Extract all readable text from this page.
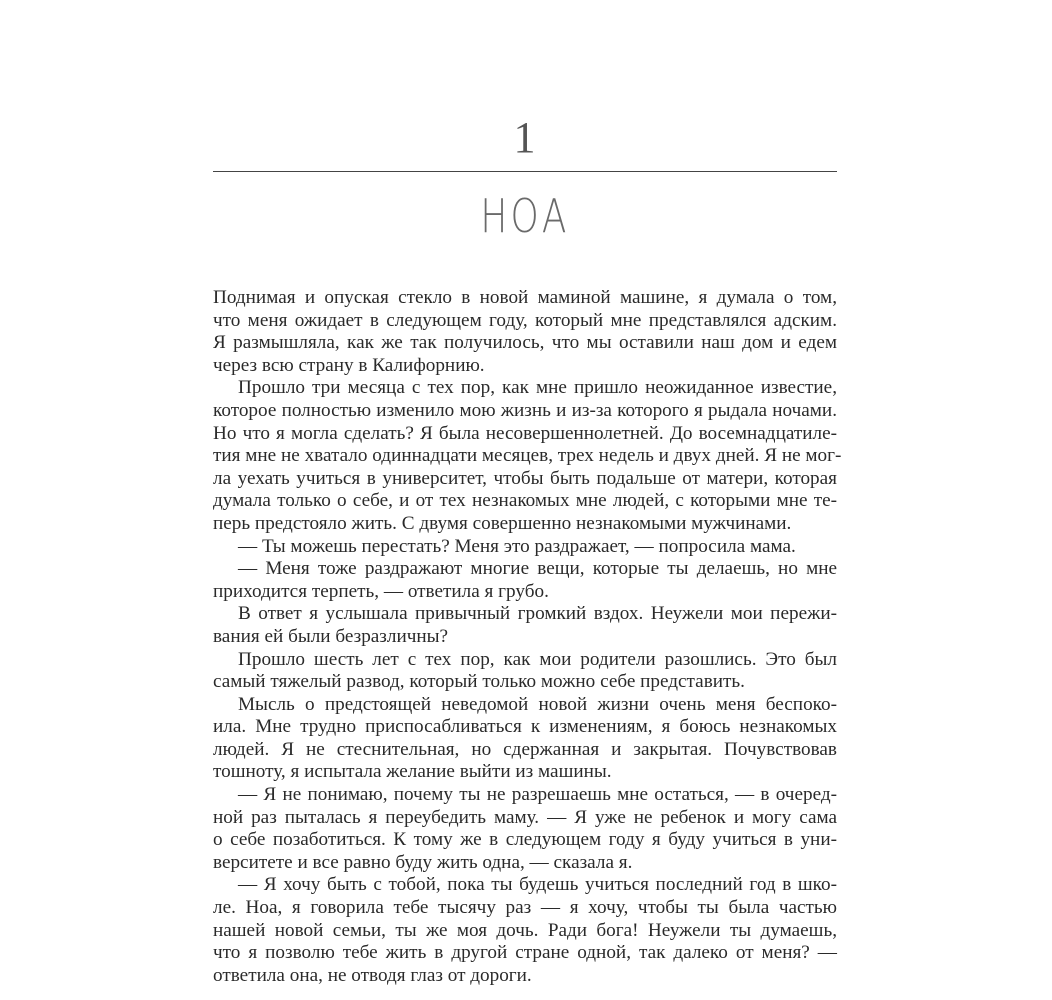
1
НОА
Поднимая и опуская стекло в новой маминой машине, я думала о том,
что меня ожидает в следующем году, который мне представлялся адским.
Я размышляла, как же так получилось, что мы оставили наш дом и едем
через всю страну в Калифорнию.
Прошло три месяца с тех пор, как мне пришло неожиданное известие,
которое полностью изменило мою жизнь и из-за которого я рыдала ночами.
Но что я могла сделать? Я была несовершеннолетней. До восемнадцатиле-
тия мне не хватало одиннадцати месяцев, трех недель и двух дней. Я не мог-
ла уехать учиться в университет, чтобы быть подальше от матери, которая
думала только о себе, и от тех незнакомых мне людей, с которыми мне те-
перь предстояло жить. С двумя совершенно незнакомыми мужчинами.
— Ты можешь перестать? Меня это раздражает, — попросила мама.
— Меня тоже раздражают многие вещи, которые ты делаешь, но мне
приходится терпеть, — ответила я грубо.
В ответ я услышала привычный громкий вздох. Неужели мои пережи-
вания ей были безразличны?
Прошло шесть лет с тех пор, как мои родители разошлись. Это был
самый тяжелый развод, который только можно себе представить.
Мысль о предстоящей неведомой новой жизни очень меня беспоко-
ила. Мне трудно приспосабливаться к изменениям, я боюсь незнакомых
людей. Я не стеснительная, но сдержанная и закрытая. Почувствовав
тошноту, я испытала желание выйти из машины.
— Я не понимаю, почему ты не разрешаешь мне остаться, — в очеред-
ной раз пыталась я переубедить маму. — Я уже не ребенок и могу сама
о себе позаботиться. К тому же в следующем году я буду учиться в уни-
верситете и все равно буду жить одна, — сказала я.
— Я хочу быть с тобой, пока ты будешь учиться последний год в шко-
ле. Ноа, я говорила тебе тысячу раз — я хочу, чтобы ты была частью
нашей новой семьи, ты же моя дочь. Ради бога! Неужели ты думаешь,
что я позволю тебе жить в другой стране одной, так далеко от меня? —
ответила она, не отводя глаз от дороги.
